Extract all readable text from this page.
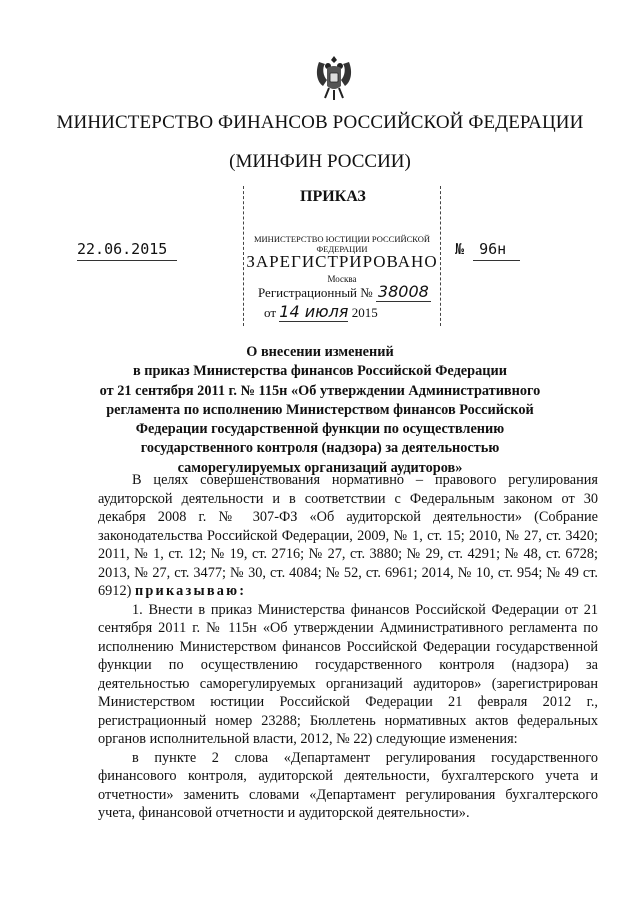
МИНИСТЕРСТВО ФИНАНСОВ РОССИЙСКОЙ ФЕДЕРАЦИИ
(МИНФИН РОССИИ)
МИНИСТЕРСТВО ЮСТИЦИИ РОССИЙСКОЙ ФЕДЕРАЦИИ
ЗАРЕГИСТРИРОВАНО
Москва
Регистрационный № 38008
от 14 июля 2015
ПРИКАЗ
22.06.2015	№ 96н
О внесении изменений
в приказ Министерства финансов Российской Федерации
от 21 сентября 2011 г. № 115н «Об утверждении Административного
регламента по исполнению Министерством финансов Российской
Федерации государственной функции по осуществлению
государственного контроля (надзора) за деятельностью
саморегулируемых организаций аудиторов»

В целях совершенствования нормативно – правового регулирования аудиторской деятельности и в соответствии с Федеральным законом от 30 декабря 2008 г. № 307-ФЗ «Об аудиторской деятельности» (Собрание законодательства Российской Федерации, 2009, № 1, ст. 15; 2010, № 27, ст. 3420; 2011, № 1, ст. 12; № 19, ст. 2716; № 27, ст. 3880; № 29, ст. 4291; № 48, ст. 6728; 2013, № 27, ст. 3477; № 30, ст. 4084; № 52, ст. 6961; 2014, № 10, ст. 954; № 49 ст. 6912) приказываю:

1. Внести в приказ Министерства финансов Российской Федерации от 21 сентября 2011 г. № 115н «Об утверждении Административного регламента по исполнению Министерством финансов Российской Федерации государственной функции по осуществлению государственного контроля (надзора) за деятельностью саморегулируемых организаций аудиторов» (зарегистрирован Министерством юстиции Российской Федерации 21 февраля 2012 г., регистрационный номер 23288; Бюллетень нормативных актов федеральных органов исполнительной власти, 2012, № 22) следующие изменения:

в пункте 2 слова «Департамент регулирования государственного финансового контроля, аудиторской деятельности, бухгалтерского учета и отчетности» заменить словами «Департамент регулирования бухгалтерского учета, финансовой отчетности и аудиторской деятельности».
